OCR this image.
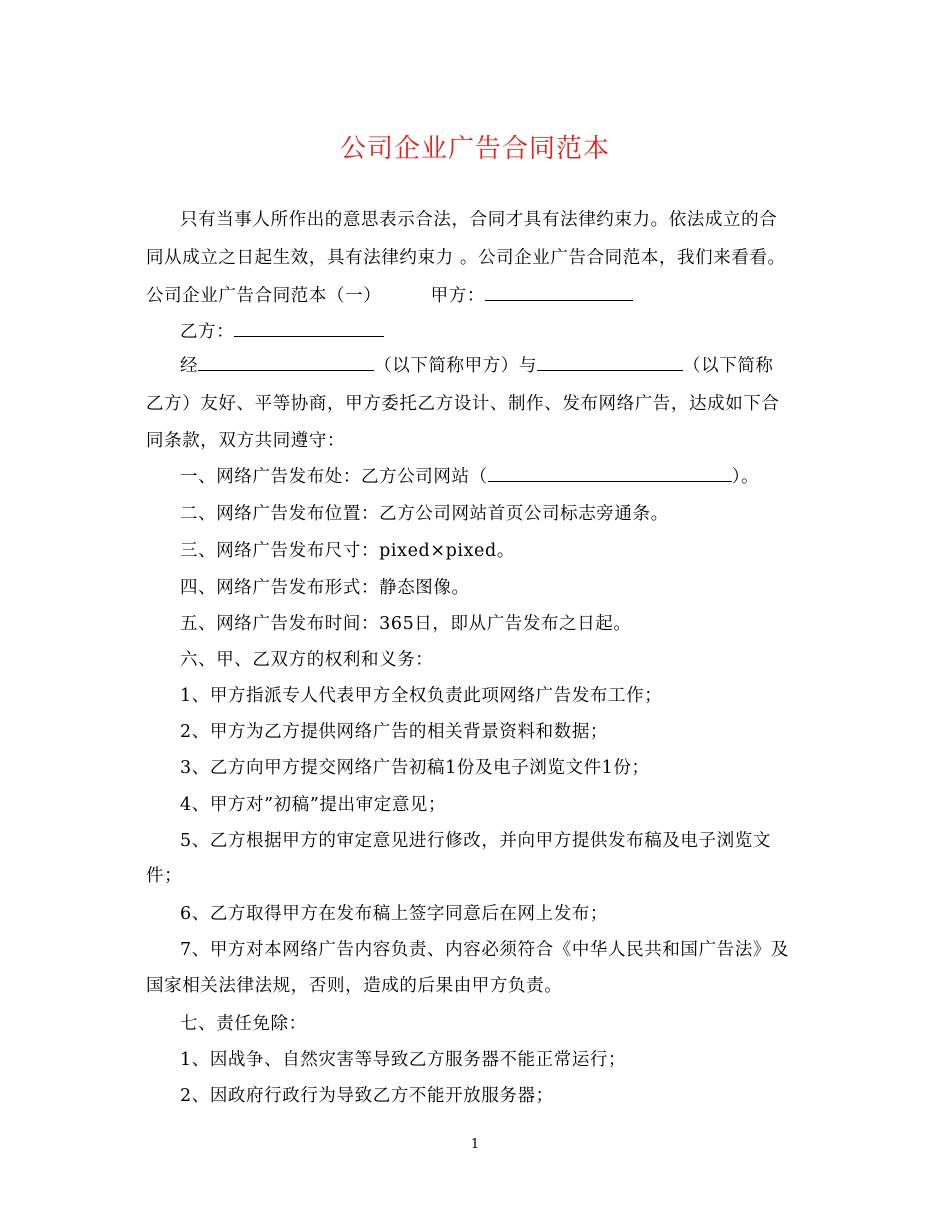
公司企业广告合同范本
只有当事人所作出的意思表示合法，合同才具有法律约束力。依法成立的合
同从成立之日起生效，具有法律约束力 。公司企业广告合同范本，我们来看看。
公司企业广告合同范本（一）        甲方：
乙方：
经	（以下简称甲方）与	（以下简称
乙方）友好、平等协商，甲方委托乙方设计、制作、发布网络广告，达成如下合
同条款，双方共同遵守：
一、网络广告发布处：乙方公司网站（	）。
二、网络广告发布位置：乙方公司网站首页公司标志旁通条。
三、网络广告发布尺寸：pixed×pixed。
四、网络广告发布形式：静态图像。
五、网络广告发布时间：365日，即从广告发布之日起。
六、甲、乙双方的权利和义务：
1、甲方指派专人代表甲方全权负责此项网络广告发布工作；
2、甲方为乙方提供网络广告的相关背景资料和数据；
3、乙方向甲方提交网络广告初稿1份及电子浏览文件1份；
4、甲方对”初稿”提出审定意见；
5、乙方根据甲方的审定意见进行修改，并向甲方提供发布稿及电子浏览文
件；
6、乙方取得甲方在发布稿上签字同意后在网上发布；
7、甲方对本网络广告内容负责、内容必须符合《中华人民共和国广告法》及
国家相关法律法规，否则，造成的后果由甲方负责。
七、责任免除：
1、因战争、自然灾害等导致乙方服务器不能正常运行；
2、因政府行政行为导致乙方不能开放服务器；
1
